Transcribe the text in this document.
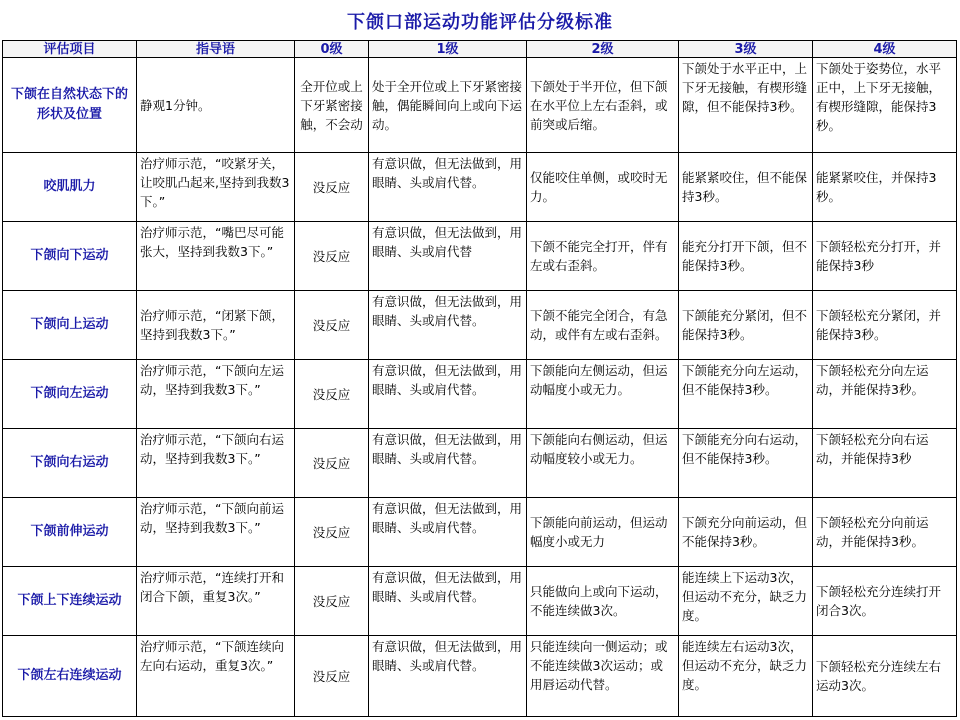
下颌口部运动功能评估分级标准
评估项目	指导语	0级	1级	2级	3级	4级
下颌在自然状态下的形状及位置	静观1分钟。	全开位或上下牙紧密接触，不会动	处于全开位或上下牙紧密接触，偶能瞬间向上或向下运动。	下颌处于半开位，但下颌在水平位上左右歪斜，或前突或后缩。	下颌处于水平正中，上下牙无接触，有楔形缝隙，但不能保持3秒。	下颌处于姿势位，水平正中，上下牙无接触，有楔形缝隙，能保持3秒。
咬肌肌力	治疗师示范，“咬紧牙关，让咬肌凸起来,坚持到我数3下。”	没反应	有意识做，但无法做到，用眼睛、头或肩代替。	仅能咬住单侧，或咬时无力。	能紧紧咬住，但不能保持3秒。	能紧紧咬住，并保持3秒。
下颌向下运动	治疗师示范，“嘴巴尽可能张大，坚持到我数3下。”	没反应	有意识做，但无法做到，用眼睛、头或肩代替	下颌不能完全打开，伴有左或右歪斜。	能充分打开下颌，但不能保持3秒。	下颌轻松充分打开，并能保持3秒
下颌向上运动	治疗师示范，“闭紧下颌，坚持到我数3下。”	没反应	有意识做，但无法做到，用眼睛、头或肩代替。	下颌不能完全闭合，有急动，或伴有左或右歪斜。	下颌能充分紧闭，但不能保持3秒。	下颌轻松充分紧闭，并能保持3秒。
下颌向左运动	治疗师示范，“下颌向左运动，坚持到我数3下。”	没反应	有意识做，但无法做到，用眼睛、头或肩代替。	下颌能向左侧运动，但运动幅度小或无力。	下颌能充分向左运动，但不能保持3秒。	下颌轻松充分向左运动，并能保持3秒。
下颌向右运动	治疗师示范，“下颌向右运动，坚持到我数3下。”	没反应	有意识做，但无法做到，用眼睛、头或肩代替。	下颌能向右侧运动，但运动幅度较小或无力。	下颌能充分向右运动，但不能保持3秒。	下颌轻松充分向右运动，并能保持3秒
下颌前伸运动	治疗师示范，“下颌向前运动，坚持到我数3下。”	没反应	有意识做，但无法做到，用眼睛、头或肩代替。	下颌能向前运动，但运动幅度小或无力	下颌充分向前运动，但不能保持3秒。	下颌轻松充分向前运动，并能保持3秒。
下颌上下连续运动	治疗师示范，“连续打开和闭合下颌，重复3次。”	没反应	有意识做，但无法做到，用眼睛、头或肩代替。	只能做向上或向下运动，不能连续做3次。	能连续上下运动3次，但运动不充分，缺乏力度。	下颌轻松充分连续打开闭合3次。
下颌左右连续运动	治疗师示范，“下颌连续向左向右运动，重复3次。”	没反应	有意识做，但无法做到，用眼睛、头或肩代替。	只能连续向一侧运动；或不能连续做3次运动；或用唇运动代替。	能连续左右运动3次，但运动不充分，缺乏力度。	下颌轻松充分连续左右运动3次。
